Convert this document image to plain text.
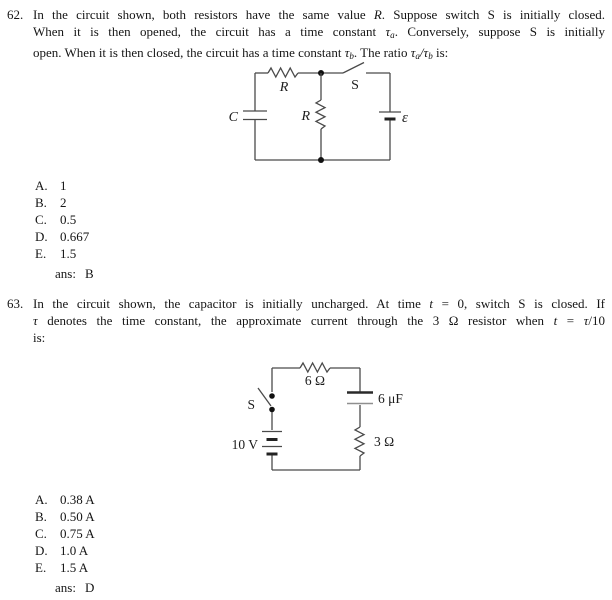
62. In the circuit shown, both resistors have the same value R. Suppose switch S is initially closed.
When it is then opened, the circuit has a time constant $\tau_a$. Conversely, suppose S is initially
open. When it is then closed, the circuit has a time constant $\tau_b$. The ratio $\tau_a/\tau_b$ is:
R
R
S
C	ε
A. 1
B. 2
C. 0.5
D. 0.667
E. 1.5
ans: B
63. In the circuit shown, the capacitor is initially uncharged. At time t = 0, switch S is closed. If
τ denotes the time constant, the approximate current through the 3 Ω resistor when t = τ/10
is:
6 Ω
S
10 V
6 μF
3 Ω
A. 0.38 A
B. 0.50 A
C. 0.75 A
D. 1.0 A
E. 1.5 A
ans: D
